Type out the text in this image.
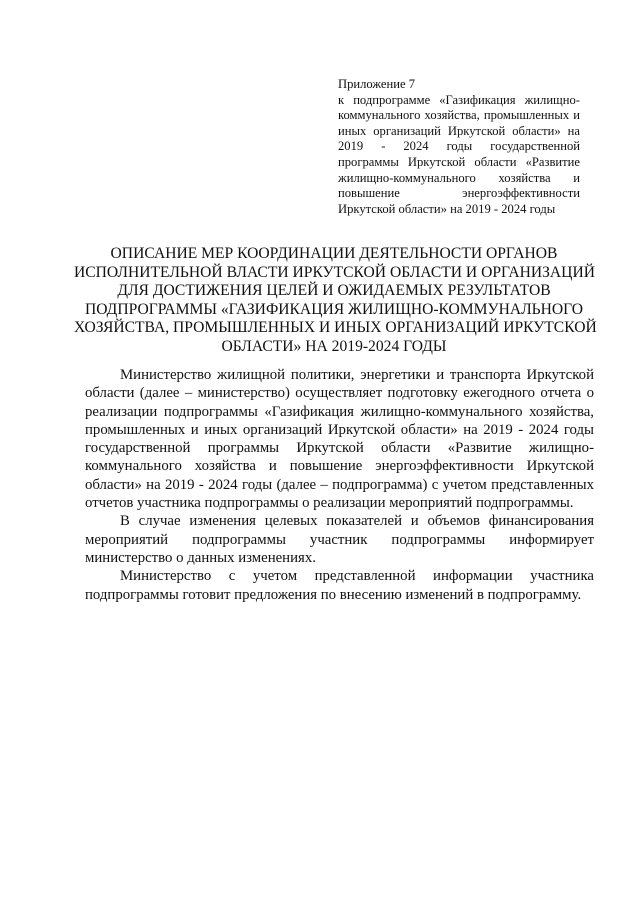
Приложение 7
к подпрограмме «Газификация жилищно-коммунального хозяйства, промышленных и иных организаций Иркутской области» на 2019 - 2024 годы государственной программы Иркутской области «Развитие жилищно-коммунального хозяйства и повышение энергоэффективности Иркутской области» на 2019 - 2024 годы
ОПИСАНИЕ МЕР КООРДИНАЦИИ ДЕЯТЕЛЬНОСТИ ОРГАНОВ
ИСПОЛНИТЕЛЬНОЙ ВЛАСТИ ИРКУТСКОЙ ОБЛАСТИ И ОРГАНИЗАЦИЙ
ДЛЯ ДОСТИЖЕНИЯ ЦЕЛЕЙ И ОЖИДАЕМЫХ РЕЗУЛЬТАТОВ
ПОДПРОГРАММЫ «ГАЗИФИКАЦИЯ ЖИЛИЩНО-КОММУНАЛЬНОГО
ХОЗЯЙСТВА, ПРОМЫШЛЕННЫХ И ИНЫХ ОРГАНИЗАЦИЙ ИРКУТСКОЙ
ОБЛАСТИ» НА 2019-2024 ГОДЫ

Министерство жилищной политики, энергетики и транспорта Иркутской области (далее – министерство) осуществляет подготовку ежегодного отчета о реализации подпрограммы «Газификация жилищно-коммунального хозяйства, промышленных и иных организаций Иркутской области» на 2019 - 2024 годы государственной программы Иркутской области «Развитие жилищно-коммунального хозяйства и повышение энергоэффективности Иркутской области» на 2019 - 2024 годы (далее – подпрограмма) с учетом представленных отчетов участника подпрограммы о реализации мероприятий подпрограммы.

В случае изменения целевых показателей и объемов финансирования мероприятий подпрограммы участник подпрограммы информирует министерство о данных изменениях.

Министерство с учетом представленной информации участника подпрограммы готовит предложения по внесению изменений в подпрограмму.
